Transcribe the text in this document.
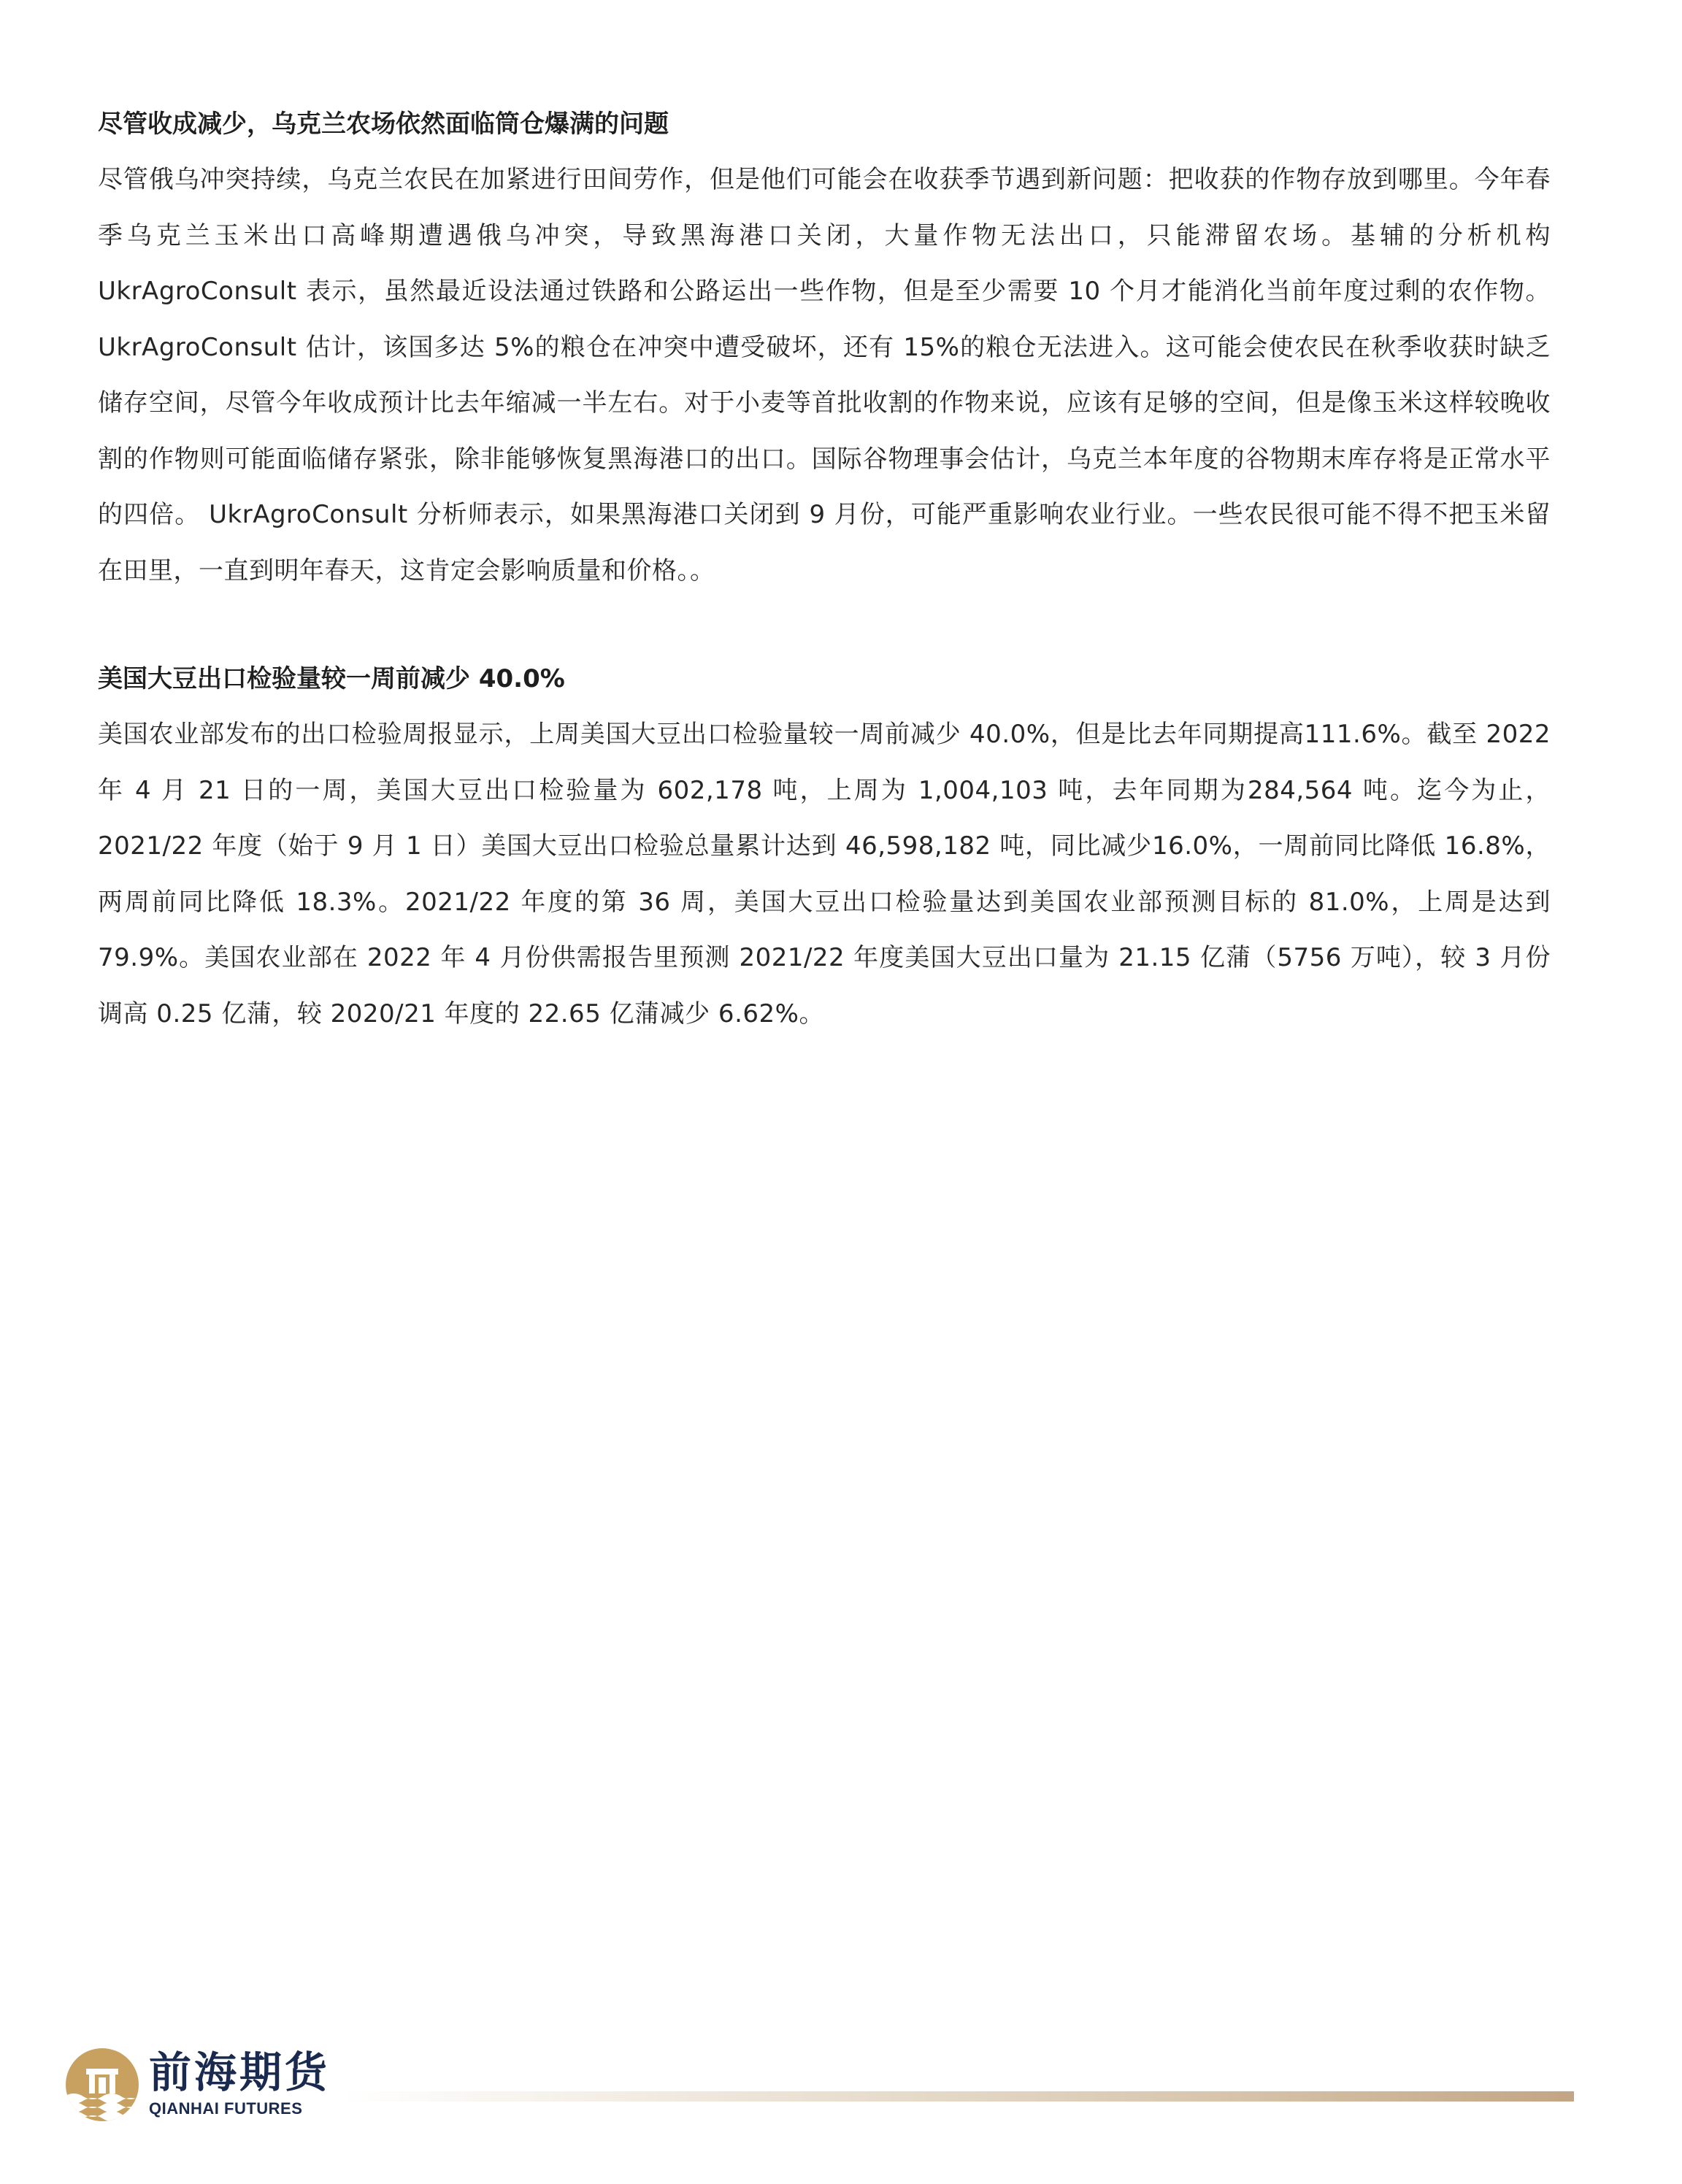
尽管收成减少，乌克兰农场依然面临筒仓爆满的问题

尽管俄乌冲突持续，乌克兰农民在加紧进行田间劳作，但是他们可能会在收获季节遇到新问题：把收获的作物存放到哪里。今年春季乌克兰玉米出口高峰期遭遇俄乌冲突，导致黑海港口关闭，大量作物无法出口，只能滞留农场。基辅的分析机构 UkrAgroConsult 表示，虽然最近设法通过铁路和公路运出一些作物，但是至少需要 10 个月才能消化当前年度过剩的农作物。UkrAgroConsult 估计，该国多达 5%的粮仓在冲突中遭受破坏，还有 15%的粮仓无法进入。这可能会使农民在秋季收获时缺乏储存空间，尽管今年收成预计比去年缩减一半左右。对于小麦等首批收割的作物来说，应该有足够的空间，但是像玉米这样较晚收割的作物则可能面临储存紧张，除非能够恢复黑海港口的出口。国际谷物理事会估计，乌克兰本年度的谷物期末库存将是正常水平的四倍。 UkrAgroConsult 分析师表示，如果黑海港口关闭到 9 月份，可能严重影响农业行业。一些农民很可能不得不把玉米留在田里，一直到明年春天，这肯定会影响质量和价格。。

美国大豆出口检验量较一周前减少 40.0%

美国农业部发布的出口检验周报显示，上周美国大豆出口检验量较一周前减少 40.0%，但是比去年同期提高111.6%。截至 2022 年 4 月 21 日的一周，美国大豆出口检验量为 602,178 吨，上周为 1,004,103 吨，去年同期为284,564 吨。迄今为止，2021/22 年度（始于 9 月 1 日）美国大豆出口检验总量累计达到 46,598,182 吨，同比减少16.0%，一周前同比降低 16.8%，两周前同比降低 18.3%。2021/22 年度的第 36 周，美国大豆出口检验量达到美国农业部预测目标的 81.0%，上周是达到 79.9%。美国农业部在 2022 年 4 月份供需报告里预测 2021/22 年度美国大豆出口量为 21.15 亿蒲（5756 万吨），较 3 月份调高 0.25 亿蒲，较 2020/21 年度的 22.65 亿蒲减少 6.62%。

前海期货
QIANHAI FUTURES
